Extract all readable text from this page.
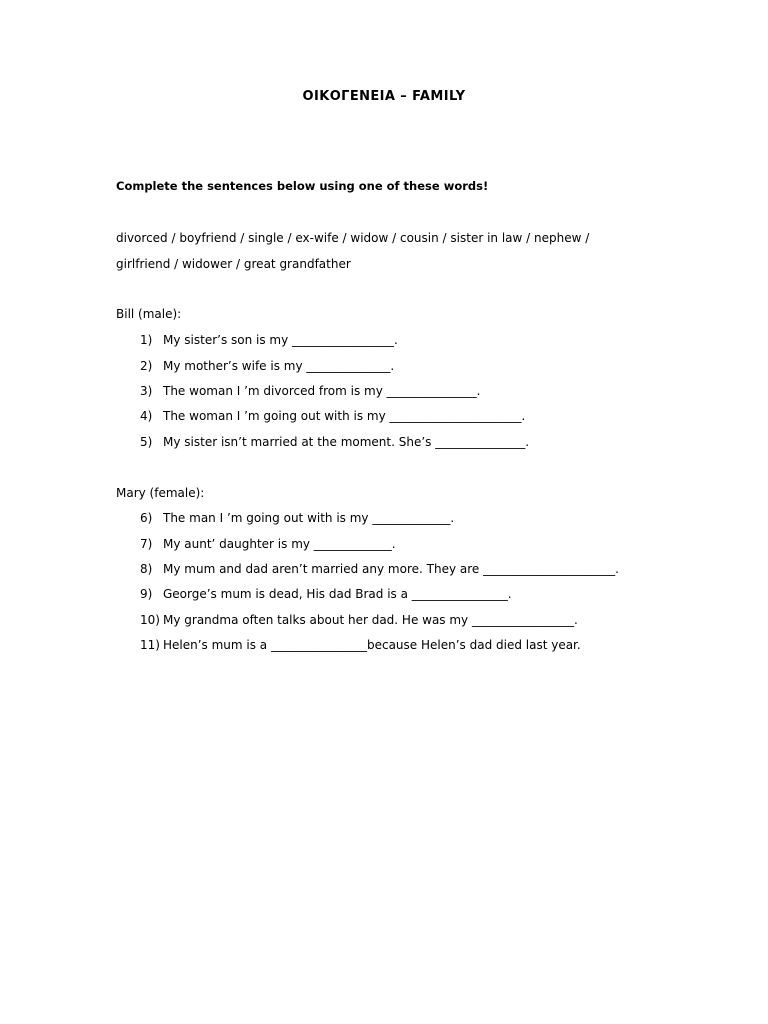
ΟΙΚΟΓΕΝΕΙΑ – FAMILY
Complete the sentences below using one of these words!
divorced / boyfriend / single / ex-wife / widow / cousin / sister in law / nephew /
girlfriend / widower / great grandfather
Bill (male):
1) My sister’s son is my _________________.
2) My mother’s wife is my ______________.
3) The woman I ’m divorced from is my _______________.
4) The woman I ’m going out with is my ______________________.
5) My sister isn’t married at the moment. She’s _______________.
Mary (female):
6) The man I ’m going out with is my _____________.
7) My aunt’ daughter is my _____________.
8) My mum and dad aren’t married any more. They are ______________________.
9) George’s mum is dead, His dad Brad is a ________________.
10) My grandma often talks about her dad. He was my _________________.
11) Helen’s mum is a ________________because Helen’s dad died last year.
